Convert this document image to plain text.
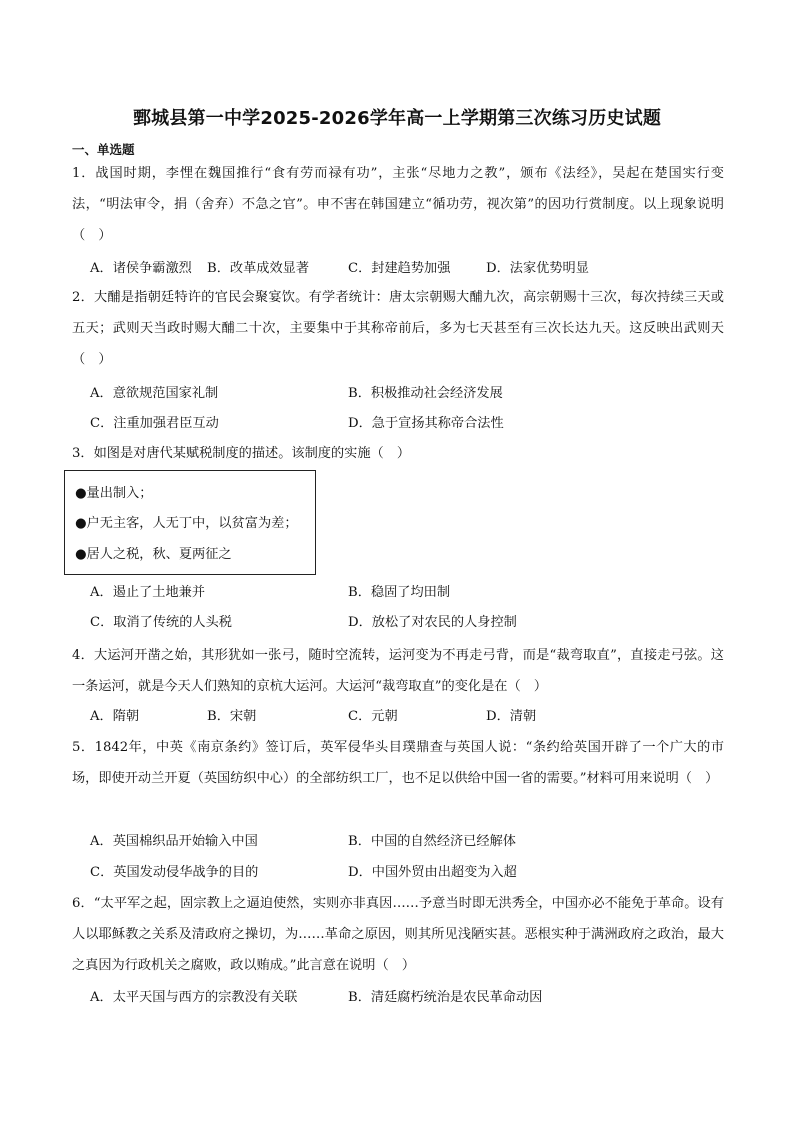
鄄城县第一中学2025-2026学年高一上学期第三次练习历史试题
一、单选题
1．战国时期，李悝在魏国推行“食有劳而禄有功”，主张“尽地力之教”，颁布《法经》，吴起在楚国实行变法，“明法审令，捐（舍弃）不急之官”。申不害在韩国建立“循功劳，视次第”的因功行赏制度。以上现象说明（　）
A．诸侯争霸激烈 B．改革成效显著	C．封建趋势加强	D．法家优势明显
2．大酺是指朝廷特许的官民会聚宴饮。有学者统计：唐太宗朝赐大酺九次，高宗朝赐十三次，每次持续三天或五天；武则天当政时赐大酺二十次，主要集中于其称帝前后，多为七天甚至有三次长达九天。这反映出武则天（　）
A．意欲规范国家礼制	B．积极推动社会经济发展
C．注重加强君臣互动	D．急于宣扬其称帝合法性
3．如图是对唐代某赋税制度的描述。该制度的实施（　）
●量出制入；
●户无主客，人无丁中，以贫富为差；
●居人之税，秋、夏两征之
A．遏止了土地兼并	B．稳固了均田制
C．取消了传统的人头税	D．放松了对农民的人身控制
4．大运河开凿之始，其形犹如一张弓，随时空流转，运河变为不再走弓背，而是“裁弯取直”，直接走弓弦。这一条运河，就是今天人们熟知的京杭大运河。大运河“裁弯取直”的变化是在（　）
A．隋朝	B．宋朝	C．元朝	D．清朝
5．1842年，中英《南京条约》签订后，英军侵华头目璞鼎查与英国人说：“条约给英国开辟了一个广大的市场，即使开动兰开夏（英国纺织中心）的全部纺织工厂，也不足以供给中国一省的需要。”材料可用来说明（　）
A．英国棉织品开始输入中国	B．中国的自然经济已经解体
C．英国发动侵华战争的目的	D．中国外贸由出超变为入超
6．“太平军之起，固宗教上之逼迫使然，实则亦非真因……予意当时即无洪秀全，中国亦必不能免于革命。设有人以耶稣教之关系及清政府之操切，为……革命之原因，则其所见浅陋实甚。恶根实种于满洲政府之政治，最大之真因为行政机关之腐败，政以贿成。”此言意在说明（　）
A．太平天国与西方的宗教没有关联	B．清廷腐朽统治是农民革命动因
